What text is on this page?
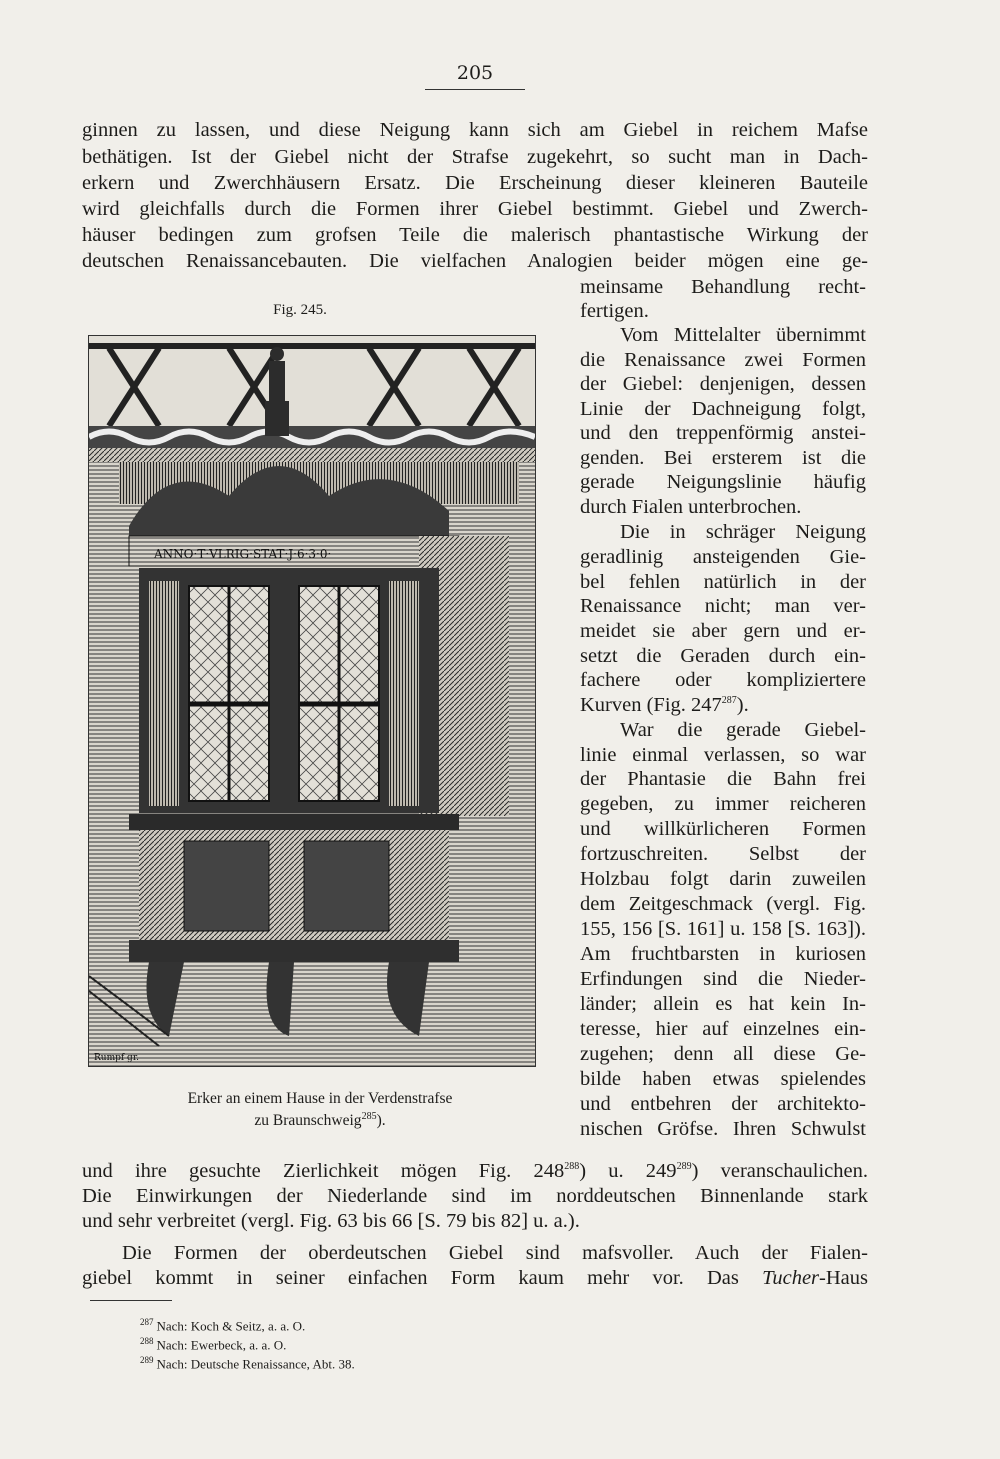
205
ginnen zu lassen, und diese Neigung kann sich am Giebel in reichem Mafse
bethätigen. Ist der Giebel nicht der Strafse zugekehrt, so sucht man in Dach-
erkern und Zwerchhäusern Ersatz. Die Erscheinung dieser kleineren Bauteile
wird gleichfalls durch die Formen ihrer Giebel bestimmt. Giebel und Zwerch-
häuser bedingen zum grofsen Teile die malerisch phantastische Wirkung der
deutschen Renaissancebauten. Die vielfachen Analogien beider mögen eine ge-
meinsame Behandlung recht-
fertigen.
Vom Mittelalter übernimmt
die Renaissance zwei Formen
der Giebel: denjenigen, dessen
Linie der Dachneigung folgt,
und den treppenförmig anstei-
genden. Bei ersterem ist die
gerade Neigungslinie häufig
durch Fialen unterbrochen.
Die in schräger Neigung
geradlinig ansteigenden Gie-
bel fehlen natürlich in der
Renaissance nicht; man ver-
meidet sie aber gern und er-
setzt die Geraden durch ein-
fachere oder kompliziertere
Kurven (Fig. $247^{287}$).
War die gerade Giebel-
linie einmal verlassen, so war
der Phantasie die Bahn frei
gegeben, zu immer reicheren
und willkürlicheren Formen
fortzuschreiten. Selbst der
Holzbau folgt darin zuweilen
dem Zeitgeschmack (vergl. Fig.
155, 156 [S. 161] u. 158 [S. 163]).
Am fruchtbarsten in kuriosen
Erfindungen sind die Nieder-
länder; allein es hat kein In-
teresse, hier auf einzelnes ein-
zugehen; denn all diese Ge-
bilde haben etwas spielendes
und entbehren der architekto-
nischen Gröfse. Ihren Schwulst
Fig. 245.
ANNO·T·VLRIG·STAT·J·6·3·0·
Rumpf gr.
Erker an einem Hause in der Verdenstrafse
zu Braunschweig$^{285}$).
und ihre gesuchte Zierlichkeit mögen Fig. $248^{288}$) u. $249^{289}$) veranschaulichen.
Die Einwirkungen der Niederlande sind im norddeutschen Binnenlande stark
und sehr verbreitet (vergl. Fig. 63 bis 66 [S. 79 bis 82] u. a.).
Die Formen der oberdeutschen Giebel sind mafsvoller. Auch der Fialen-
giebel kommt in seiner einfachen Form kaum mehr vor. Das Tucher-Haus
$^{287}$ Nach: Koch & Seitz, a. a. O.
$^{288}$ Nach: Ewerbeck, a. a. O.
$^{289}$ Nach: Deutsche Renaissance, Abt. 38.
